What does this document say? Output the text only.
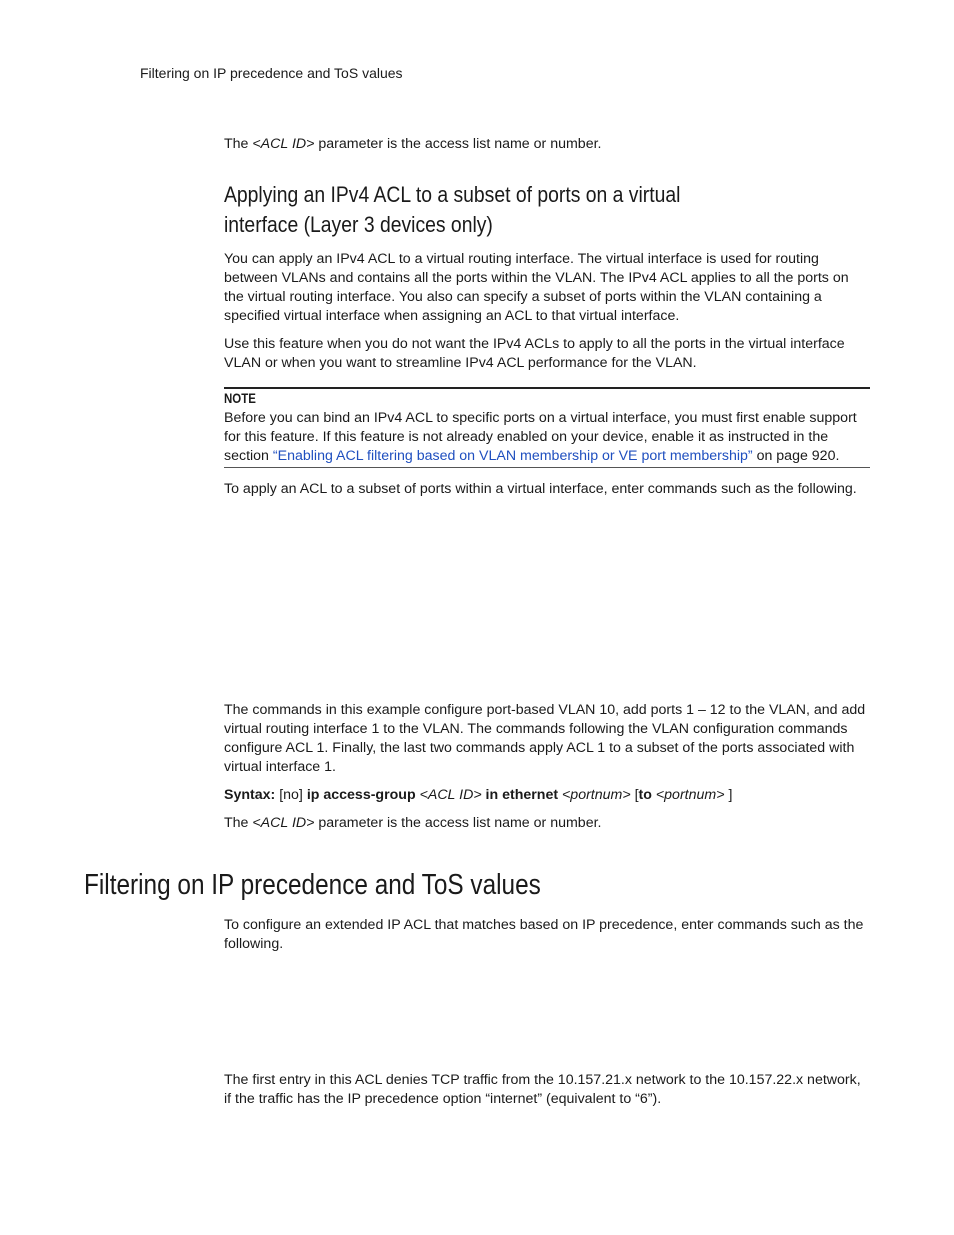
Filtering on IP precedence and ToS values

The <ACL ID> parameter is the access list name or number.

Applying an IPv4 ACL to a subset of ports on a virtual
interface (Layer 3 devices only)

You can apply an IPv4 ACL to a virtual routing interface. The virtual interface is used for routing between VLANs and contains all the ports within the VLAN. The IPv4 ACL applies to all the ports on the virtual routing interface. You also can specify a subset of ports within the VLAN containing a specified virtual interface when assigning an ACL to that virtual interface.

Use this feature when you do not want the IPv4 ACLs to apply to all the ports in the virtual interface VLAN or when you want to streamline IPv4 ACL performance for the VLAN.

NOTE

Before you can bind an IPv4 ACL to specific ports on a virtual interface, you must first enable support for this feature. If this feature is not already enabled on your device, enable it as instructed in the section “Enabling ACL filtering based on VLAN membership or VE port membership” on page 920.

To apply an ACL to a subset of ports within a virtual interface, enter commands such as the following.

The commands in this example configure port-based VLAN 10, add ports 1 – 12 to the VLAN, and add virtual routing interface 1 to the VLAN. The commands following the VLAN configuration commands configure ACL 1. Finally, the last two commands apply ACL 1 to a subset of the ports associated with virtual interface 1.

Syntax: [no] ip access-group <ACL ID> in ethernet <portnum> [to <portnum> ]

The <ACL ID> parameter is the access list name or number.

Filtering on IP precedence and ToS values

To configure an extended IP ACL that matches based on IP precedence, enter commands such as the following.

The first entry in this ACL denies TCP traffic from the 10.157.21.x network to the 10.157.22.x network, if the traffic has the IP precedence option “internet” (equivalent to “6”).
